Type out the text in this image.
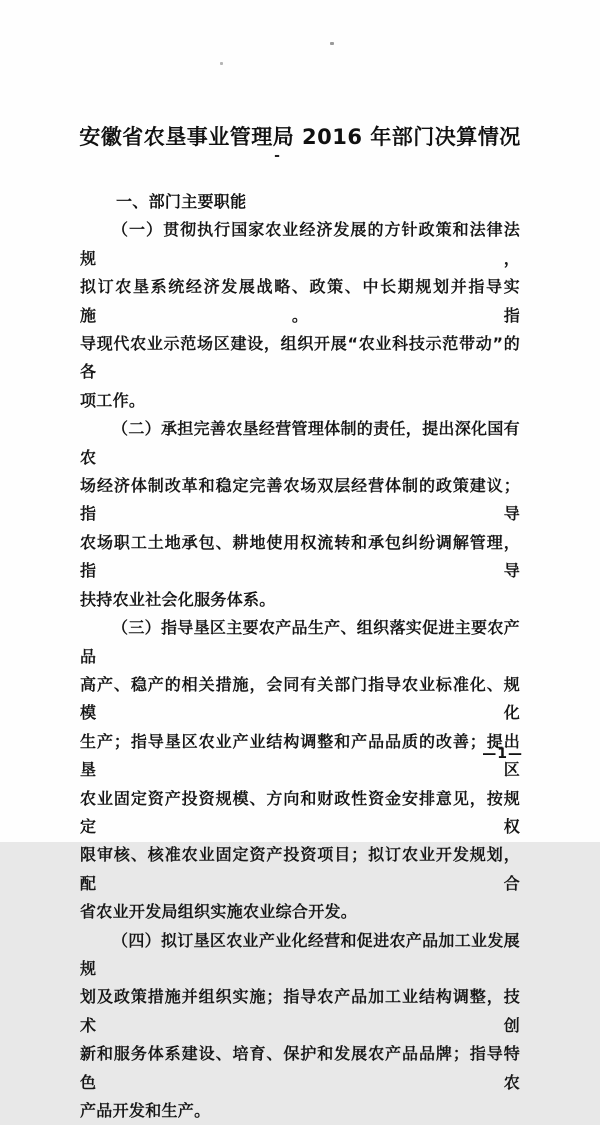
安徽省农垦事业管理局 2016 年部门决算情况
-
一、部门主要职能
（一）贯彻执行国家农业经济发展的方针政策和法律法规，
拟订农垦系统经济发展战略、政策、中长期规划并指导实施。指
导现代农业示范场区建设，组织开展“农业科技示范带动”的各
项工作。
（二）承担完善农垦经营管理体制的责任，提出深化国有农
场经济体制改革和稳定完善农场双层经营体制的政策建议；指导
农场职工土地承包、耕地使用权流转和承包纠纷调解管理，指导
扶持农业社会化服务体系。
（三）指导垦区主要农产品生产、组织落实促进主要农产品
高产、稳产的相关措施，会同有关部门指导农业标准化、规模化
生产；指导垦区农业产业结构调整和产品品质的改善；提出垦区
农业固定资产投资规模、方向和财政性资金安排意见，按规定权
限审核、核准农业固定资产投资项目；拟订农业开发规划，配合
省农业开发局组织实施农业综合开发。
（四）拟订垦区农业产业化经营和促进农产品加工业发展规
划及政策措施并组织实施；指导农产品加工业结构调整，技术创
新和服务体系建设、培育、保护和发展农产品品牌；指导特色农
产品开发和生产。
—1—
